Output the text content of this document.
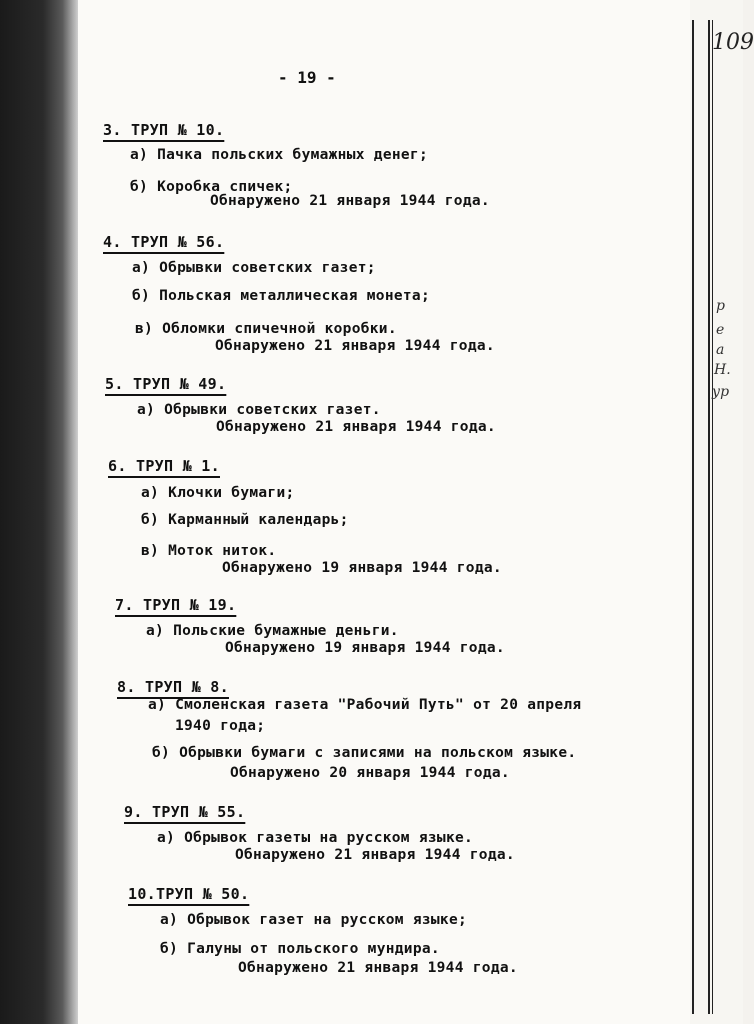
109
р
е
а
Н.
ур
- 19 -
3. ТРУП № 10.
а) Пачка польских бумажных денег;
б) Коробка спичек;
Обнаружено 21 января 1944 года.
4. ТРУП № 56.
а) Обрывки советских газет;
б) Польская металлическая монета;
в) Обломки спичечной коробки.
Обнаружено 21 января 1944 года.
5. ТРУП № 49.
а) Обрывки советских газет.
Обнаружено 21 января 1944 года.
6. ТРУП № 1.
а) Клочки бумаги;
б) Карманный календарь;
в) Моток ниток.
Обнаружено 19 января 1944 года.
7. ТРУП № 19.
а) Польские бумажные деньги.
Обнаружено 19 января 1944 года.
8. ТРУП № 8.
а) Смоленская газета "Рабочий Путь" от 20 апреля
1940 года;
б) Обрывки бумаги с записями на польском языке.
Обнаружено 20 января 1944 года.
9. ТРУП № 55.
а) Обрывок газеты на русском языке.
Обнаружено 21 января 1944 года.
10.ТРУП № 50.
а) Обрывок газет на русском языке;
б) Галуны от польского мундира.
Обнаружено 21 января 1944 года.
